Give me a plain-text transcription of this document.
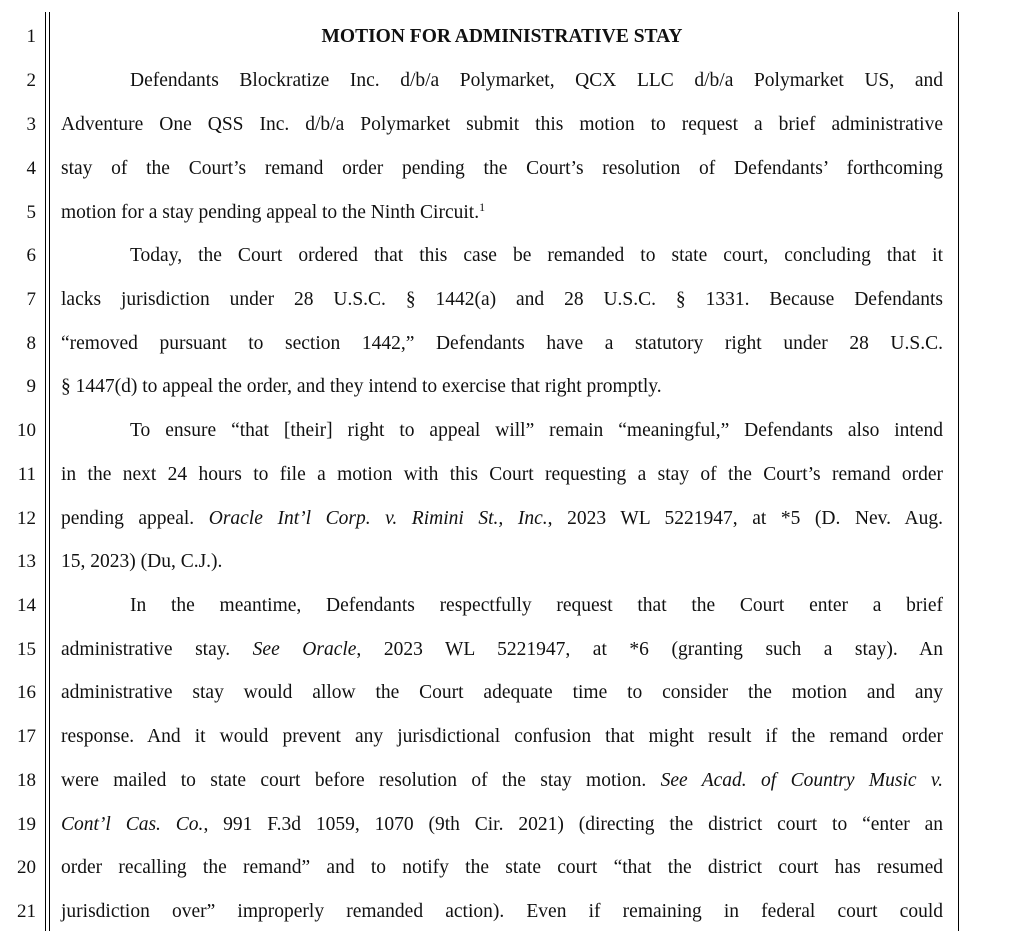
1
2
3
4
5
6
7
8
9
10
11
12
13
14
15
16
17
18
19
20
21
MOTION FOR ADMINISTRATIVE STAY
Defendants Blockratize Inc. d/b/a Polymarket, QCX LLC d/b/a Polymarket US, and
Adventure One QSS Inc. d/b/a Polymarket submit this motion to request a brief administrative
stay of the Court’s remand order pending the Court’s resolution of Defendants’ forthcoming
motion for a stay pending appeal to the Ninth Circuit.$^1$
Today, the Court ordered that this case be remanded to state court, concluding that it
lacks jurisdiction under 28 U.S.C. § 1442(a) and 28 U.S.C. § 1331. Because Defendants
“removed pursuant to section 1442,” Defendants have a statutory right under 28 U.S.C.
§ 1447(d) to appeal the order, and they intend to exercise that right promptly.
To ensure “that [their] right to appeal will” remain “meaningful,” Defendants also intend
in the next 24 hours to file a motion with this Court requesting a stay of the Court’s remand order
pending appeal. Oracle Int’l Corp. v. Rimini St., Inc., 2023 WL 5221947, at *5 (D. Nev. Aug.
15, 2023) (Du, C.J.).
In the meantime, Defendants respectfully request that the Court enter a brief
administrative stay. See Oracle, 2023 WL 5221947, at *6 (granting such a stay). An
administrative stay would allow the Court adequate time to consider the motion and any
response. And it would prevent any jurisdictional confusion that might result if the remand order
were mailed to state court before resolution of the stay motion. See Acad. of Country Music v.
Cont’l Cas. Co., 991 F.3d 1059, 1070 (9th Cir. 2021) (directing the district court to “enter an
order recalling the remand” and to notify the state court “that the district court has resumed
jurisdiction over” improperly remanded action). Even if remaining in federal court could
